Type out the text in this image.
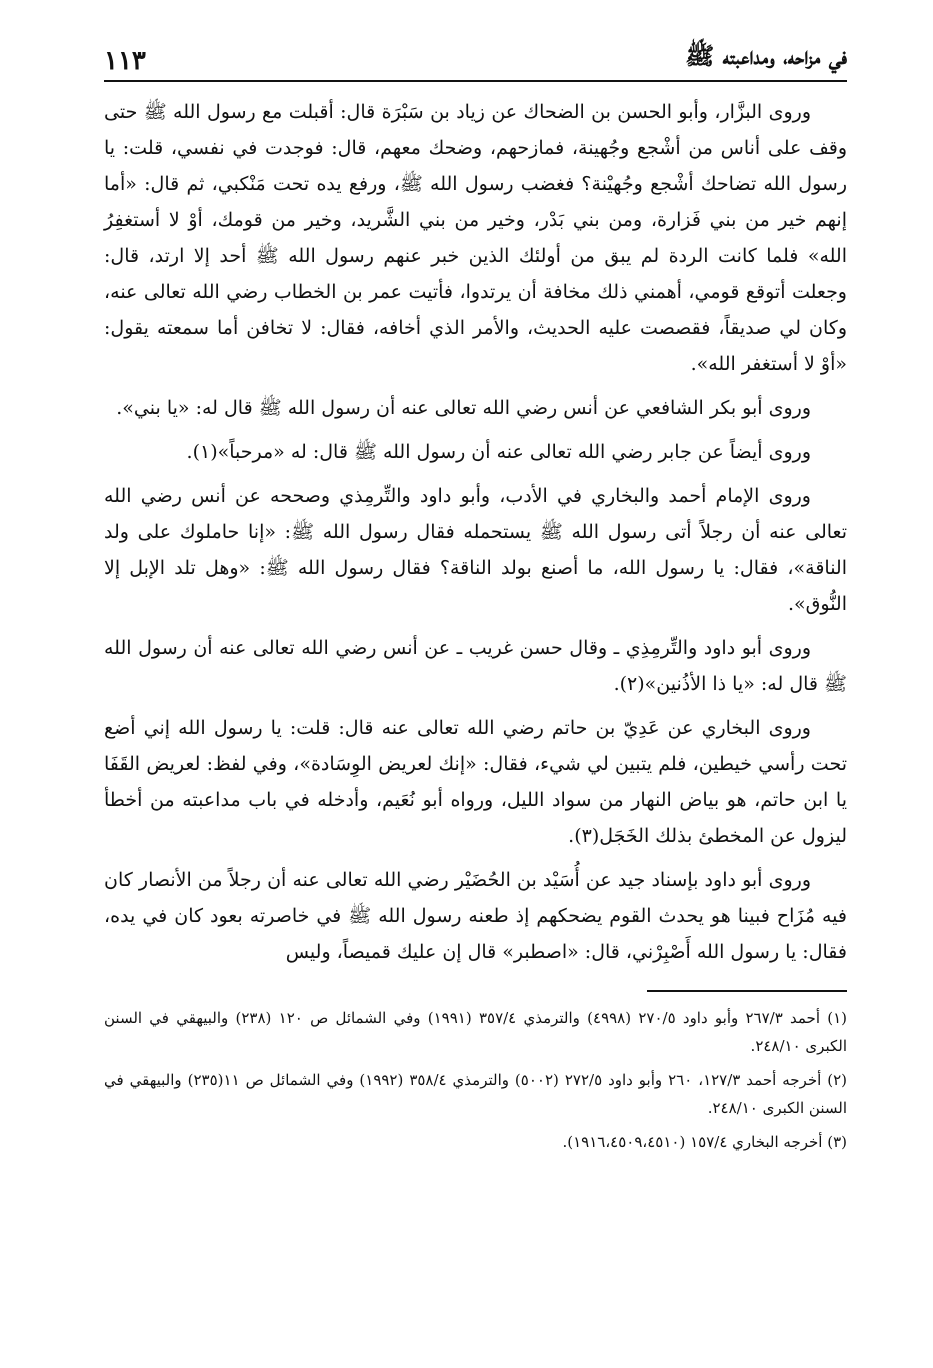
في مزاحه، ومداعبته ﷺ
١١٣

وروى البزَّار، وأبو الحسن بن الضحاك عن زياد بن سَبْرَة قال: أقبلت مع رسول الله ﷺ حتى وقف على أناس من أشْجع وجُهينة، فمازحهم، وضحك معهم، قال: فوجدت في نفسي، قلت: يا رسول الله تضاحك أشْجع وجُهيْنة؟ فغضب رسول الله ﷺ، ورفع يده تحت مَنْكبي، ثم قال: «أما إنهم خير من بني فَزارة، ومن بني بَدْر، وخير من بني الشَّريد، وخير من قومك، أوْ لا أستغفِرُ الله» فلما كانت الردة لم يبق من أولئك الذين خبر عنهم رسول الله ﷺ أحد إلا ارتد، قال: وجعلت أتوقع قومي، أهمني ذلك مخافة أن يرتدوا، فأتيت عمر بن الخطاب رضي الله تعالى عنه، وكان لي صديقاً، فقصصت عليه الحديث، والأمر الذي أخافه، فقال: لا تخافن أما سمعته يقول: «أوْ لا أستغفر الله».

وروى أبو بكر الشافعي عن أنس رضي الله تعالى عنه أن رسول الله ﷺ قال له: «يا بني».

وروى أيضاً عن جابر رضي الله تعالى عنه أن رسول الله ﷺ قال: له «مرحباً»(١).

وروى الإمام أحمد والبخاري في الأدب، وأبو داود والتِّرمِذي وصححه عن أنس رضي الله تعالى عنه أن رجلاً أتى رسول الله ﷺ يستحمله فقال رسول الله ﷺ: «إنا حاملوك على ولد الناقة»، فقال: يا رسول الله، ما أصنع بولد الناقة؟ فقال رسول الله ﷺ: «وهل تلد الإبل إلا النُّوق».

وروى أبو داود والتِّرمِذِي ـ وقال حسن غريب ـ عن أنس رضي الله تعالى عنه أن رسول الله ﷺ قال له: «يا ذا الأذُنين»(٢).

وروى البخاري عن عَدِيّ بن حاتم رضي الله تعالى عنه قال: قلت: يا رسول الله إني أضع تحت رأسي خيطين، فلم يتبين لي شيء، فقال: «إنك لعريض الوِسَادة»، وفي لفظ: لعريض القَفَا يا ابن حاتم، هو بياض النهار من سواد الليل، ورواه أبو نُعَيم، وأدخله في باب مداعبته من أخطأ ليزول عن المخطئ بذلك الخَجَل(٣).

وروى أبو داود بإسناد جيد عن أُسَيْد بن الحُضَيْر رضي الله تعالى عنه أن رجلاً من الأنصار كان فيه مُزَاح فبينا هو يحدث القوم يضحكهم إذ طعنه رسول الله ﷺ في خاصرته بعود كان في يده، فقال: يا رسول الله أَصْبِرْني، قال: «اصطبر» قال إن عليك قميصاً، وليس

(١) أحمد ٢٦٧/٣ وأبو داود ٢٧٠/٥ (٤٩٩٨) والترمذي ٣٥٧/٤ (١٩٩١) وفي الشمائل ص ١٢٠ (٢٣٨) والبيهقي في السنن الكبرى ٢٤٨/١٠.

(٢) أخرجه أحمد ١٢٧/٣، ٢٦٠ وأبو داود ٢٧٢/٥ (٥٠٠٢) والترمذي ٣٥٨/٤ (١٩٩٢) وفي الشمائل ص ١١(٢٣٥) والبيهقي في السنن الكبرى ٢٤٨/١٠.

(٣) أخرجه البخاري ١٥٧/٤ (١٩١٦،٤٥٠٩،٤٥١٠).
